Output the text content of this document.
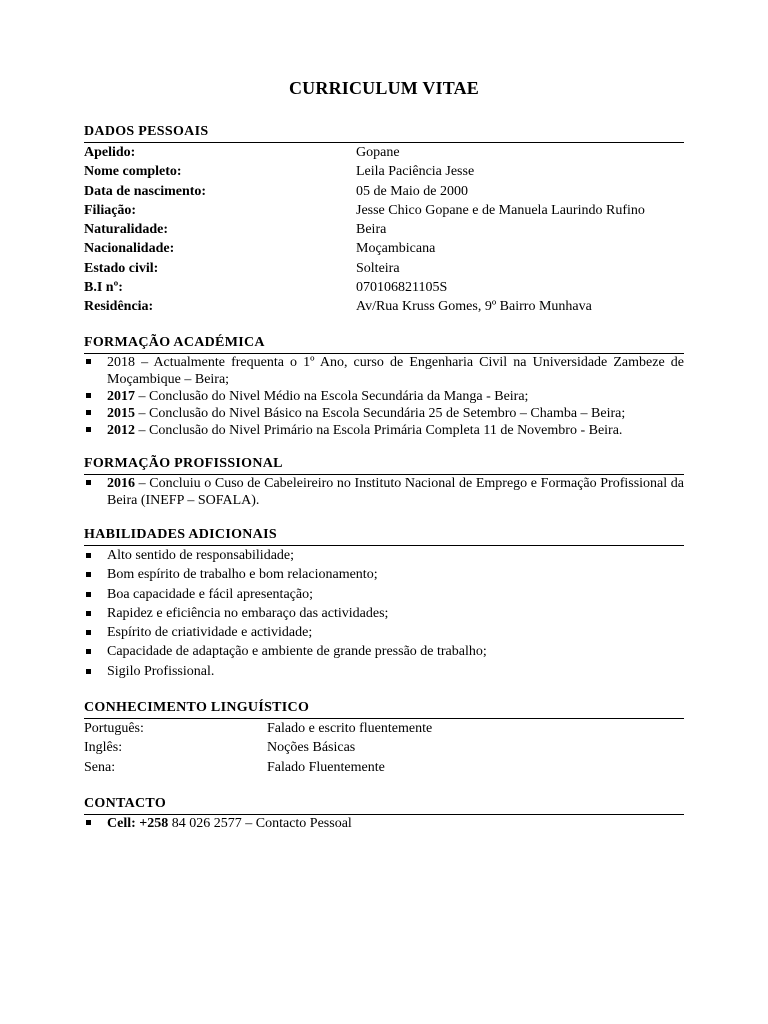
CURRICULUM VITAE
DADOS PESSOAIS
Apelido:	Gopane
Nome completo:	Leila Paciência Jesse
Data de nascimento:	05 de Maio de 2000
Filiação:	Jesse Chico Gopane e de Manuela Laurindo Rufino
Naturalidade:	Beira
Nacionalidade:	Moçambicana
Estado civil:	Solteira
B.I nº:	070106821105S
Residência:	Av/Rua Kruss Gomes, 9º Bairro Munhava
FORMAÇÃO ACADÉMICA
2018 – Actualmente frequenta o 1º Ano, curso de Engenharia Civil na Universidade Zambeze de Moçambique – Beira;
2017 – Conclusão do Nivel Médio na Escola Secundária da Manga - Beira;
2015 – Conclusão do Nivel Básico na Escola Secundária 25 de Setembro – Chamba – Beira;
2012 – Conclusão do Nivel Primário na Escola Primária Completa 11 de Novembro - Beira.
FORMAÇÃO PROFISSIONAL
2016 – Concluiu o Cuso de Cabeleireiro no Instituto Nacional de Emprego e Formação Profissional da Beira (INEFP – SOFALA).
HABILIDADES ADICIONAIS
Alto sentido de responsabilidade;
Bom espírito de trabalho e bom relacionamento;
Boa capacidade e fácil apresentação;
Rapidez e eficiência no embaraço das actividades;
Espírito de criatividade e actividade;
Capacidade de adaptação e ambiente de grande pressão de trabalho;
Sigilo Profissional.
CONHECIMENTO LINGUÍSTICO
Português:	Falado e escrito fluentemente
Inglês:	Noções Básicas
Sena:	Falado Fluentemente
CONTACTO
Cell: +258 84 026 2577 – Contacto Pessoal
